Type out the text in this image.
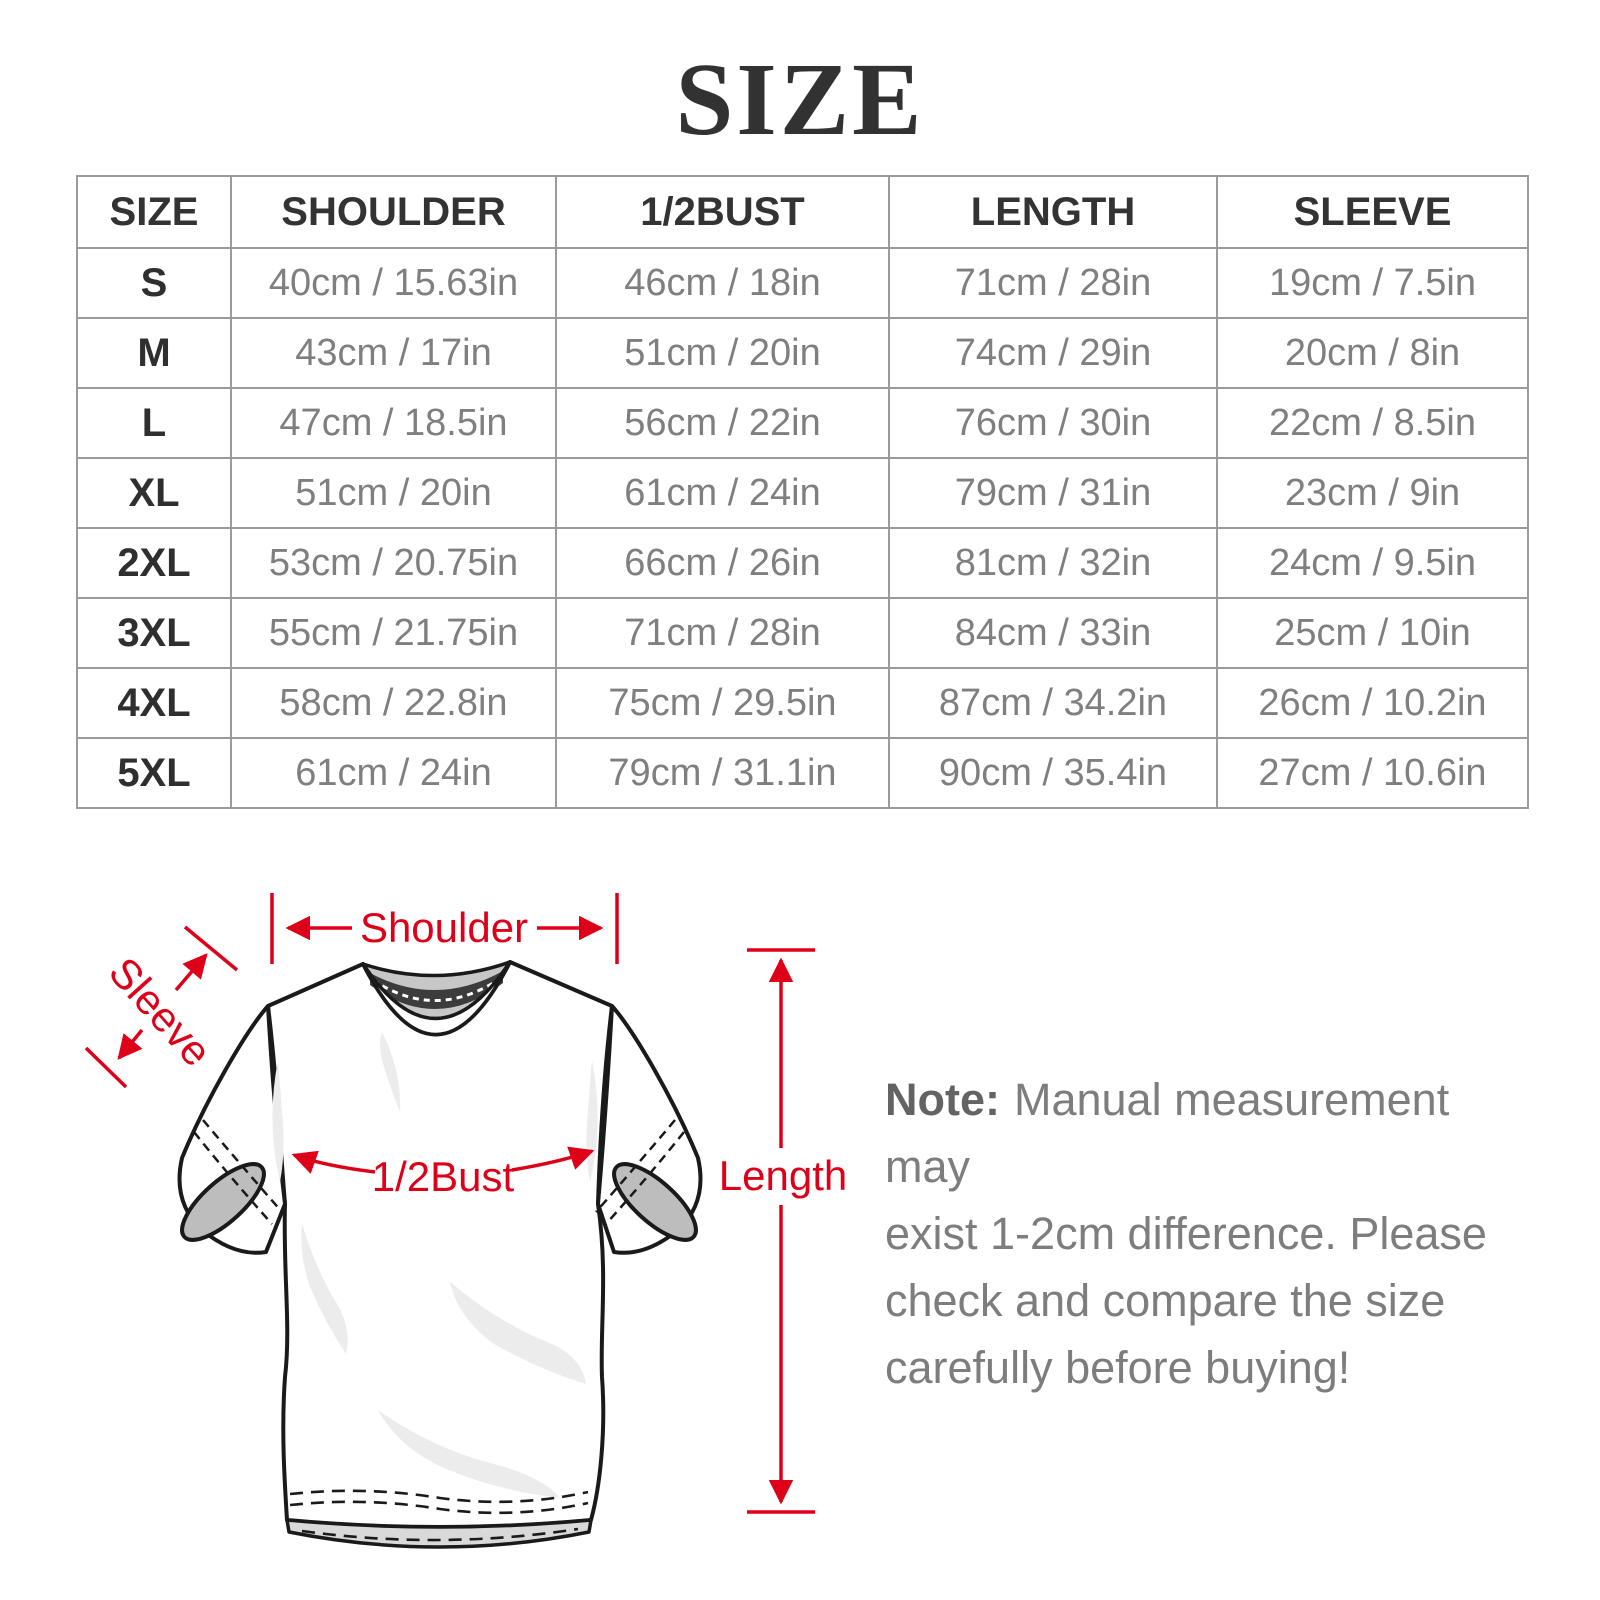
SIZE
SIZE	SHOULDER	1/2BUST	LENGTH	SLEEVE
S	40cm / 15.63in	46cm / 18in	71cm / 28in	19cm / 7.5in
M	43cm / 17in	51cm / 20in	74cm / 29in	20cm / 8in
L	47cm / 18.5in	56cm / 22in	76cm / 30in	22cm / 8.5in
XL	51cm / 20in	61cm / 24in	79cm / 31in	23cm / 9in
2XL	53cm / 20.75in	66cm / 26in	81cm / 32in	24cm / 9.5in
3XL	55cm / 21.75in	71cm / 28in	84cm / 33in	25cm / 10in
4XL	58cm / 22.8in	75cm / 29.5in	87cm / 34.2in	26cm / 10.2in
5XL	61cm / 24in	79cm / 31.1in	90cm / 35.4in	27cm / 10.6in
Shoulder
Sleeve
1/2Bust	Length
Note: Manual measurement may
exist 1-2cm difference. Please
check and compare the size
carefully before buying!
